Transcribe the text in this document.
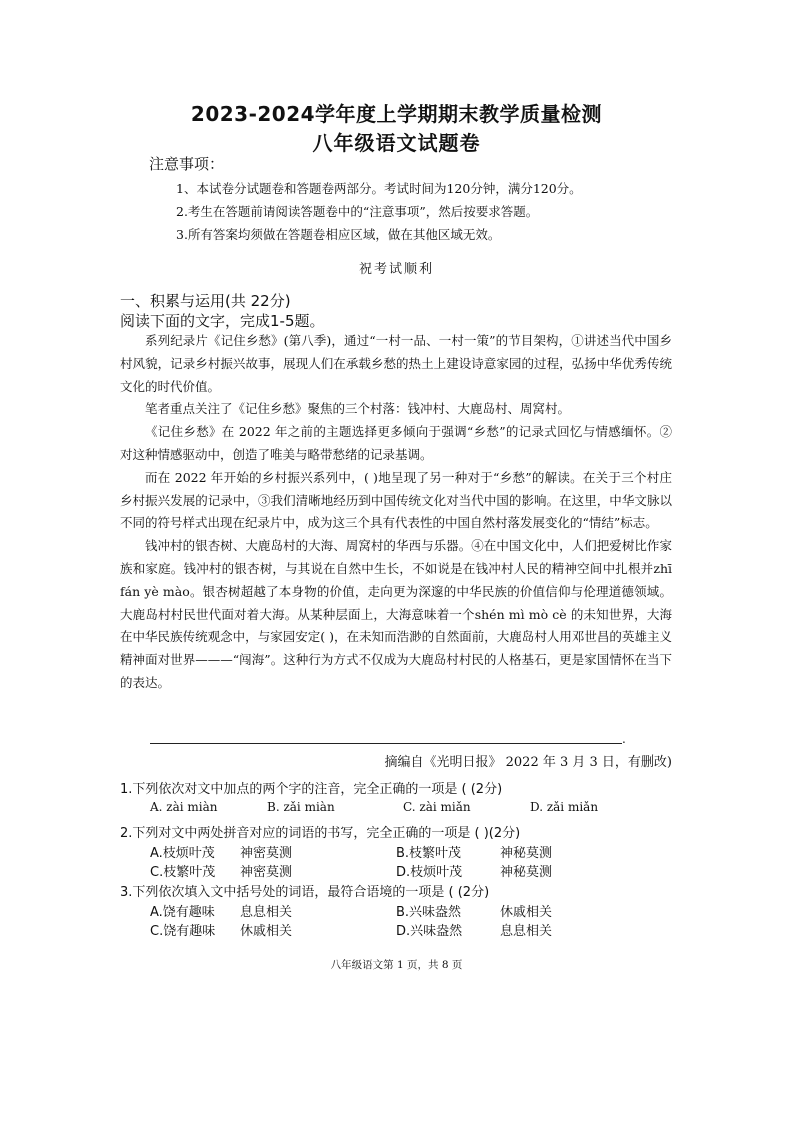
2023-2024学年度上学期期末教学质量检测
八年级语文试题卷
注意事项：
1、本试卷分试题卷和答题卷两部分。考试时间为120分钟，满分120分。
2.考生在答题前请阅读答题卷中的“注意事项”，然后按要求答题。
3.所有答案均须做在答题卷相应区域，做在其他区域无效。
祝考试顺利
一、积累与运用(共 22分)
阅读下面的文字，完成1-5题。

系列纪录片《记住乡愁》(第八季)，通过“一村一品、一村一策”的节目架构，①讲述当代中国乡村风貌，记录乡村振兴故事，展现人们在承载乡愁的热土上建设诗意家园的过程，弘扬中华优秀传统文化的时代价值。

笔者重点关注了《记住乡愁》聚焦的三个村落：钱冲村、大鹿岛村、周窝村。

《记住乡愁》在 2022 年之前的主题选择更多倾向于强调“乡愁”的记录式回忆与情感缅怀。②对这种情感驱动中，创造了唯美与略带愁绪的记录基调。

而在 2022 年开始的乡村振兴系列中，( )地呈现了另一种对于“乡愁”的解读。在关于三个村庄乡村振兴发展的记录中，③我们清晰地经历到中国传统文化对当代中国的影响。在这里，中华文脉以不同的符号样式出现在纪录片中，成为这三个具有代表性的中国自然村落发展变化的“情结”标志。

钱冲村的银杏树、大鹿岛村的大海、周窝村的华西与乐器。④在中国文化中，人们把爱树比作家族和家庭。钱冲村的银杏树，与其说在自然中生长，不如说是在钱冲村人民的精神空间中扎根并zhī fán yè mào。银杏树超越了本身物的价值，走向更为深邃的中华民族的价值信仰与伦理道德领域。大鹿岛村村民世代面对着大海。从某种层面上，大海意味着一个shén mì mò cè 的未知世界，大海在中华民族传统观念中，与家园安定( )，在未知而浩渺的自然面前，大鹿岛村人用邓世昌的英雄主义精神面对世界———“闯海”。这种行为方式不仅成为大鹿岛村村民的人格基石，更是家国情怀在当下的表达。

.
摘编自《光明日报》 2022 年 3 月 3 日，有删改)
1.下列依次对文中加点的两个字的注音，完全正确的一项是 ( (2分)
A. zài miàn	B. zǎi miàn	C. zài miǎn	D. zǎi miǎn
2.下列对文中两处拼音对应的词语的书写，完全正确的一项是 ( )(2分)
A.枝烦叶茂 神密莫测	B.枝繁叶茂	神秘莫测
C.枝繁叶茂 神密莫测	D.枝烦叶茂	神秘莫测
3.下列依次填入文中括号处的词语，最符合语境的一项是 ( (2分)
A.饶有趣味 息息相关	B.兴味盎然	休戚相关
C.饶有趣味 休戚相关	D.兴味盎然	息息相关
八年级语文第 1 页，共 8 页
